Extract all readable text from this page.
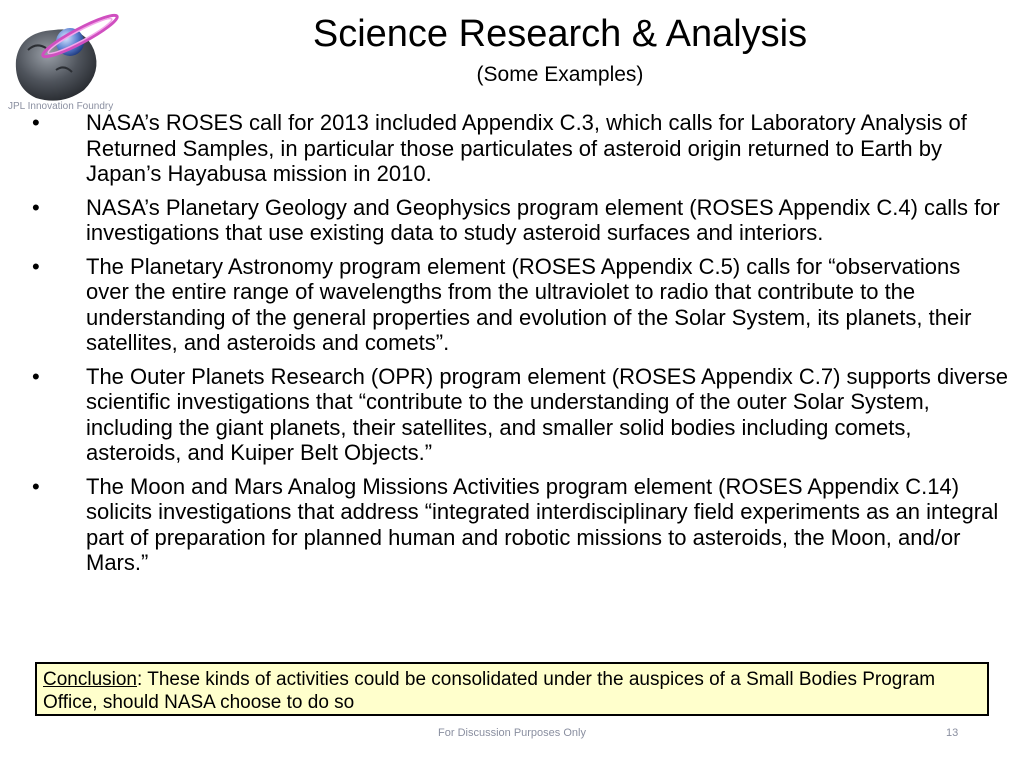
JPL Innovation Foundry
Science Research & Analysis
(Some Examples)
• NASA’s ROSES call for 2013 included Appendix C.3, which calls for Laboratory Analysis of Returned Samples, in particular those particulates of asteroid origin returned to Earth by Japan’s Hayabusa mission in 2010.
• NASA’s Planetary Geology and Geophysics program element (ROSES Appendix C.4) calls for investigations that use existing data to study asteroid surfaces and interiors.
• The Planetary Astronomy program element (ROSES Appendix C.5) calls for “observations over the entire range of wavelengths from the ultraviolet to radio that contribute to the understanding of the general properties and evolution of the Solar System, its planets, their satellites, and asteroids and comets”.
• The Outer Planets Research (OPR) program element (ROSES Appendix C.7) supports diverse scientific investigations that “contribute to the understanding of the outer Solar System, including the giant planets, their satellites, and smaller solid bodies including comets, asteroids, and Kuiper Belt Objects.”
• The Moon and Mars Analog Missions Activities program element (ROSES Appendix C.14) solicits investigations that address “integrated interdisciplinary field experiments as an integral part of preparation for planned human and robotic missions to asteroids, the Moon, and/or Mars.”
Conclusion: These kinds of activities could be consolidated under the auspices of a Small Bodies Program Office, should NASA choose to do so
For Discussion Purposes Only	13
